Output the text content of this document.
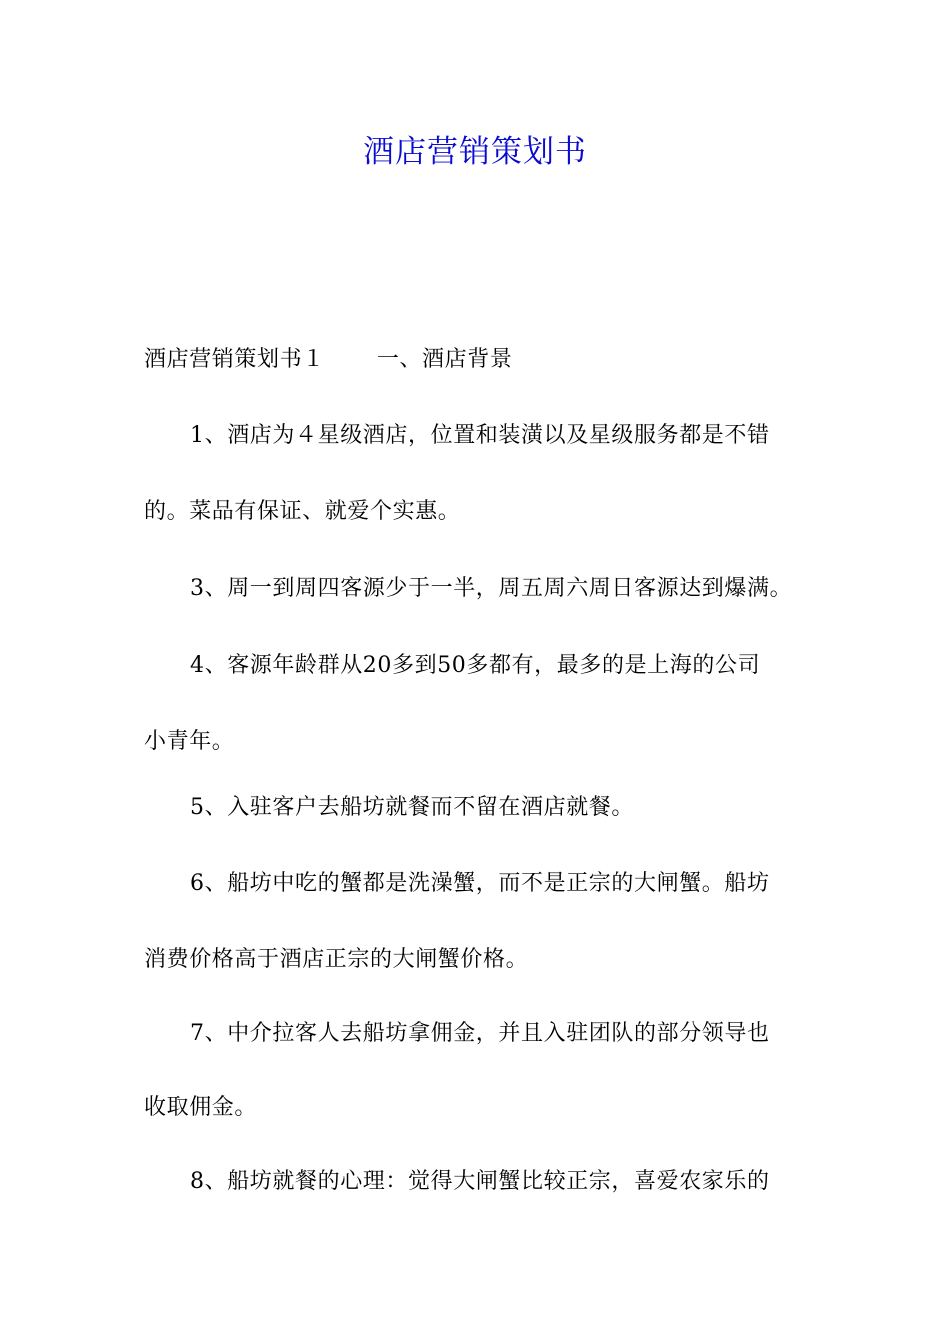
酒店营销策划书
酒店营销策划书１ 一、酒店背景
1、酒店为４星级酒店，位置和装潢以及星级服务都是不错
的。菜品有保证、就爱个实惠。
3、周一到周四客源少于一半，周五周六周日客源达到爆满。
4、客源年龄群从20多到50多都有，最多的是上海的公司
小青年。
5、入驻客户去船坊就餐而不留在酒店就餐。
6、船坊中吃的蟹都是洗澡蟹，而不是正宗的大闸蟹。船坊
消费价格高于酒店正宗的大闸蟹价格。
7、中介拉客人去船坊拿佣金，并且入驻团队的部分领导也
收取佣金。
8、船坊就餐的心理：觉得大闸蟹比较正宗，喜爱农家乐的
